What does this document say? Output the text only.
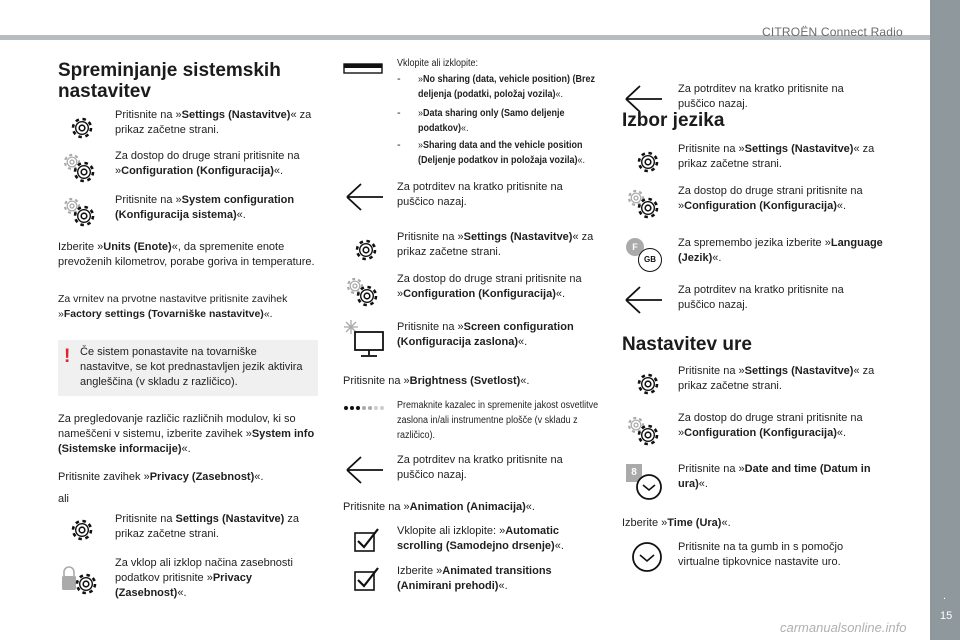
CITROËN Connect Radio
.
15
carmanualsonline.info
Spreminjanje sistemskih nastavitev
Pritisnite na »Settings (Nastavitve)« za prikaz začetne strani.
Za dostop do druge strani pritisnite na »Configuration (Konfiguracija)«.
Pritisnite na »System configuration (Konfiguracija sistema)«.
Izberite »Units (Enote)«, da spremenite enote prevoženih kilometrov, porabe goriva in temperature.
Za vrnitev na prvotne nastavitve pritisnite zavihek »Factory settings (Tovarniške nastavitve)«.
! Če sistem ponastavite na tovarniške nastavitve, se kot prednastavljen jezik aktivira angleščina (v skladu z različico).
Za pregledovanje različic različnih modulov, ki so nameščeni v sistemu, izberite zavihek »System info (Sistemske informacije)«.
Pritisnite zavihek »Privacy (Zasebnost)«.
ali
Pritisnite na Settings (Nastavitve) za prikaz začetne strani.
Za vklop ali izklop načina zasebnosti podatkov pritisnite »Privacy (Zasebnost)«.
Vklopite ali izklopite:
- »No sharing (data, vehicle position) (Brez deljenja (podatki, položaj vozila)«.
- »Data sharing only (Samo deljenje podatkov)«.
- »Sharing data and the vehicle position (Deljenje podatkov in položaja vozila)«.
Za potrditev na kratko pritisnite na puščico nazaj.
Pritisnite na »Settings (Nastavitve)« za prikaz začetne strani.
Za dostop do druge strani pritisnite na »Configuration (Konfiguracija)«.
Pritisnite na »Screen configuration (Konfiguracija zaslona)«.
Pritisnite na »Brightness (Svetlost)«.
Premaknite kazalec in spremenite jakost osvetlitve zaslona in/ali instrumentne plošče (v skladu z različico).
Za potrditev na kratko pritisnite na puščico nazaj.
Pritisnite na »Animation (Animacija)«.
Vklopite ali izklopite: »Automatic scrolling (Samodejno drsenje)«.
Izberite »Animated transitions (Animirani prehodi)«.
Za potrditev na kratko pritisnite na puščico nazaj.
Izbor jezika
Pritisnite na »Settings (Nastavitve)« za prikaz začetne strani.
Za dostop do druge strani pritisnite na »Configuration (Konfiguracija)«.
F
GB
Za spremembo jezika izberite »Language (Jezik)«.
Za potrditev na kratko pritisnite na puščico nazaj.
Nastavitev ure
Pritisnite na »Settings (Nastavitve)« za prikaz začetne strani.
Za dostop do druge strani pritisnite na »Configuration (Konfiguracija)«.
8	Pritisnite na »Date and time (Datum in ura)«.
Izberite »Time (Ura)«.
Pritisnite na ta gumb in s pomočjo virtualne tipkovnice nastavite uro.
